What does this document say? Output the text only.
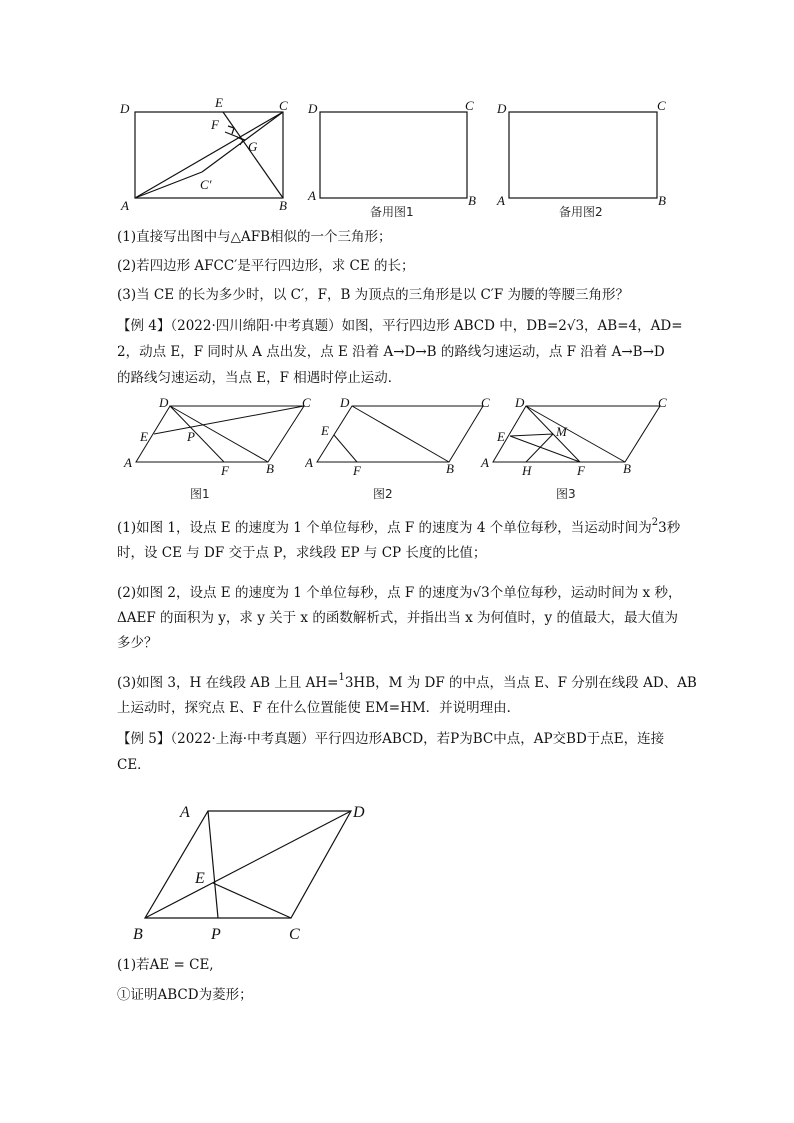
D	E	C
F
G
C′
A	B
D	C
A	B
备用图1
D	C
A	B
备用图2
(1)直接写出图中与△AFB相似的一个三角形；
(2)若四边形 AFCC′是平行四边形，求 CE 的长；
(3)当 CE 的长为多少时，以 C′，F，B 为顶点的三角形是以 C′F 为腰的等腰三角形？
【例 4】（2022·四川绵阳·中考真题）如图，平行四边形 ABCD 中，DB=2√3，AB=4，AD=
2，动点 E，F 同时从 A 点出发，点 E 沿着 A→D→B 的路线匀速运动，点 F 沿着 A→B→D
的路线匀速运动，当点 E，F 相遇时停止运动．
D	C
E	P
A
F	B
图1
D	C
E
A
F	B
图2
D	C
E	M
A
H	F	B
图3
(1)如图 1，设点 E 的速度为 1 个单位每秒，点 F 的速度为 4 个单位每秒，当运动时间为$^2$3秒
时，设 CE 与 DF 交于点 P，求线段 EP 与 CP 长度的比值；
(2)如图 2，设点 E 的速度为 1 个单位每秒，点 F 的速度为√3个单位每秒，运动时间为 x 秒，
ΔAEF 的面积为 y，求 y 关于 x 的函数解析式，并指出当 x 为何值时，y 的值最大，最大值为
多少？
(3)如图 3，H 在线段 AB 上且 AH=$^1$3HB，M 为 DF 的中点，当点 E、F 分别在线段 AD、AB
上运动时，探究点 E、F 在什么位置能使 EM=HM．并说明理由．
【例 5】（2022·上海·中考真题）平行四边形ABCD，若P为BC中点，AP交BD于点E，连接
CE．
A	D
E
B	P	C
(1)若AE = CE,
①证明ABCD为菱形；
